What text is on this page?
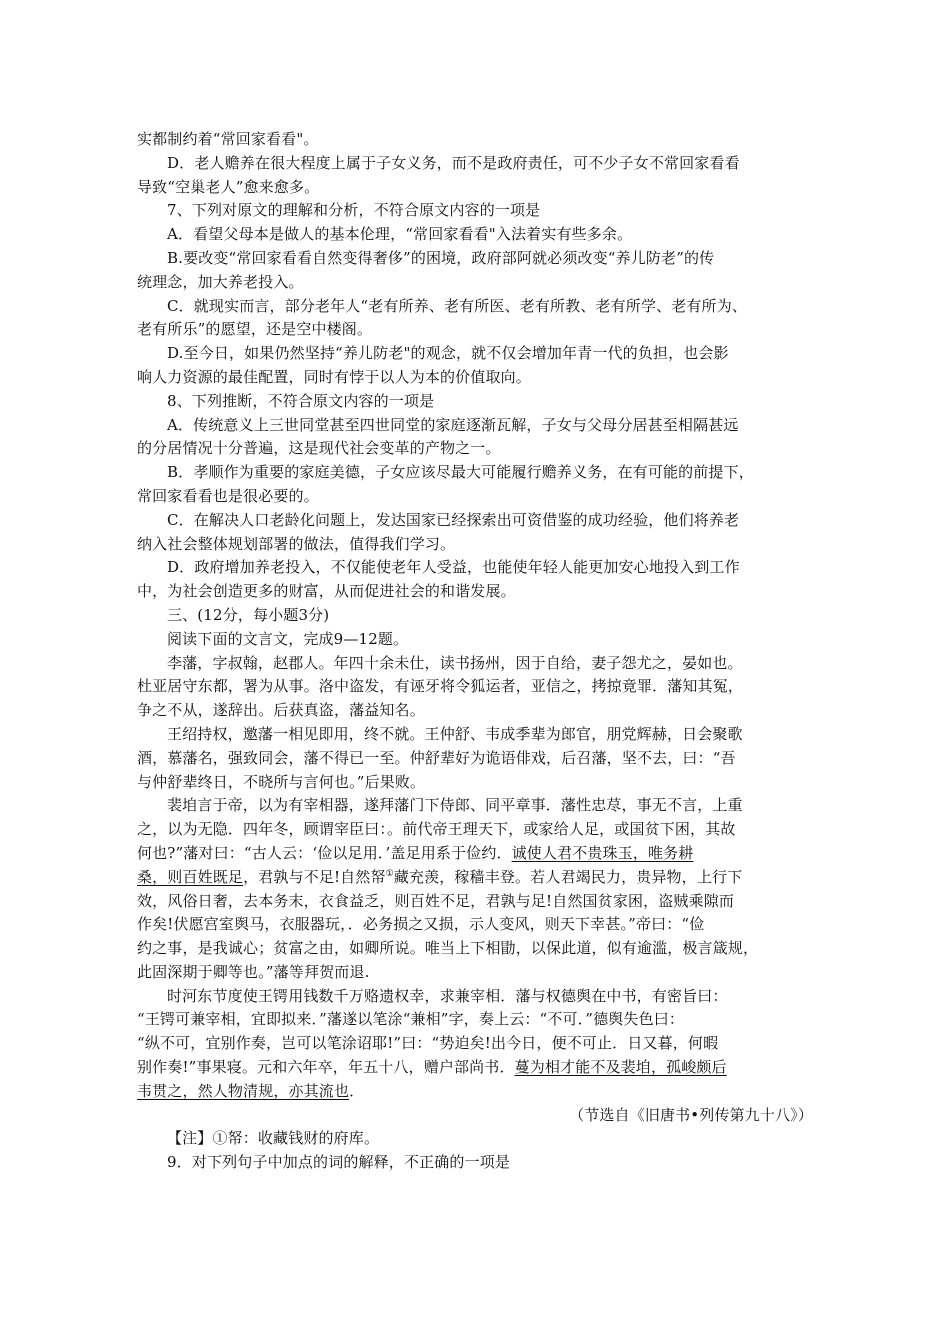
实都制约着“常回家看看"。
D．老人赡养在很大程度上属于子女义务，而不是政府责任，可不少子女不常回家看看
导致“空巢老人”愈来愈多。
7、下列对原文的理解和分析，不符合原文内容的一项是
A．看望父母本是做人的基本伦理，“常回家看看"入法着实有些多余。
B.要改变“常回家看看自然变得奢侈”的困境，政府部阿就必须改变“养儿防老”的传
统理念，加大养老投入。
C．就现实而言，部分老年人“老有所养、老有所医、老有所教、老有所学、老有所为、
老有所乐”的愿望，还是空中楼阁。
D.至今日，如果仍然坚持“养儿防老"的观念，就不仅会增加年青一代的负担，也会影
响人力资源的最佳配置，同时有悖于以人为本的价值取向。
8、下列推断，不符合原文内容的一项是
A．传统意义上三世同堂甚至四世同堂的家庭逐渐瓦解，子女与父母分居甚至相隔甚远
的分居情况十分普遍，这是现代社会变革的产物之一。
B．孝顺作为重要的家庭美德，子女应该尽最大可能履行赡养义务，在有可能的前提下，
常回家看看也是很必要的。
C．在解决人口老龄化问题上，发达国家已经探索出可资借鉴的成功经验，他们将养老
纳入社会整体规划部署的做法，值得我们学习。
D．政府增加养老投入，不仅能使老年人受益，也能使年轻人能更加安心地投入到工作
中，为社会创造更多的财富，从而促进社会的和谐发展。
三、(12分，每小题3分)
阅读下面的文言文，完成9—12题。
李藩，字叔翰，赵郡人。年四十余未仕，读书扬州，因于自给，妻子怨尤之，晏如也。
杜亚居守东都，署为从事。洛中盗发，有诬牙将令狐运者，亚信之，拷掠竟罪．藩知其冤，
争之不从，遂辞出。后获真盗，藩益知名。
王绍持权，邀藩一相见即用，终不就。王仲舒、韦成季辈为郎官，朋党辉赫，日会聚歌
酒，慕藩名，强致同会，藩不得已一至。仲舒辈好为诡语俳戏，后召藩，坚不去，曰：“吾
与仲舒辈终日，不晓所与言何也。”后果败。
裴垍言于帝，以为有宰相器，遂拜藩门下侍郎、同平章事．藩性忠荩，事无不言，上重
之，以为无隐．四年冬，顾谓宰臣曰：。前代帝王理天下，或家给人足，或国贫下困，其故
何也?”藩对曰：“古人云：‘俭以足用．’盖足用系于俭约．诚使人君不贵珠玉，唯务耕
桑，则百姓既足，君孰与不足!自然帑①藏充羡，稼穑丰登。若人君竭民力，贵异物，上行下
效，风俗日奢，去本务末，衣食益乏，则百姓不足，君孰与足!自然国贫家困，盗贼乘隙而
作矣!伏愿宫室舆马，衣服器玩，．必务损之又损，示人变风，则天下幸甚。”帝曰：“俭
约之事，是我诚心；贫富之由，如卿所说。唯当上下相勖，以保此道，似有逾滥，极言箴规，
此固深期于卿等也。”藩等拜贺而退.
时河东节度使王锷用钱数千万赂遗权幸，求兼宰相．藩与权德舆在中书，有密旨曰：
“王锷可兼宰相，宜即拟来．”藩遂以笔涂“兼相”字，奏上云：“不可．”德舆失色曰：
“纵不可，宜别作奏，岂可以笔涂诏耶!”曰：“势迫矣!出今日，便不可止．日又暮，何暇
别作奏!”事果寝。元和六年卒，年五十八，赠户部尚书．蔓为相才能不及裴垍，孤峻颇后
韦贯之，然人物清规，亦其流也．
（节选自《旧唐书•列传第九十八》）
【注】①帑：收藏钱财的府库。
9．对下列句子中加点的词的解释，不正确的一项是
